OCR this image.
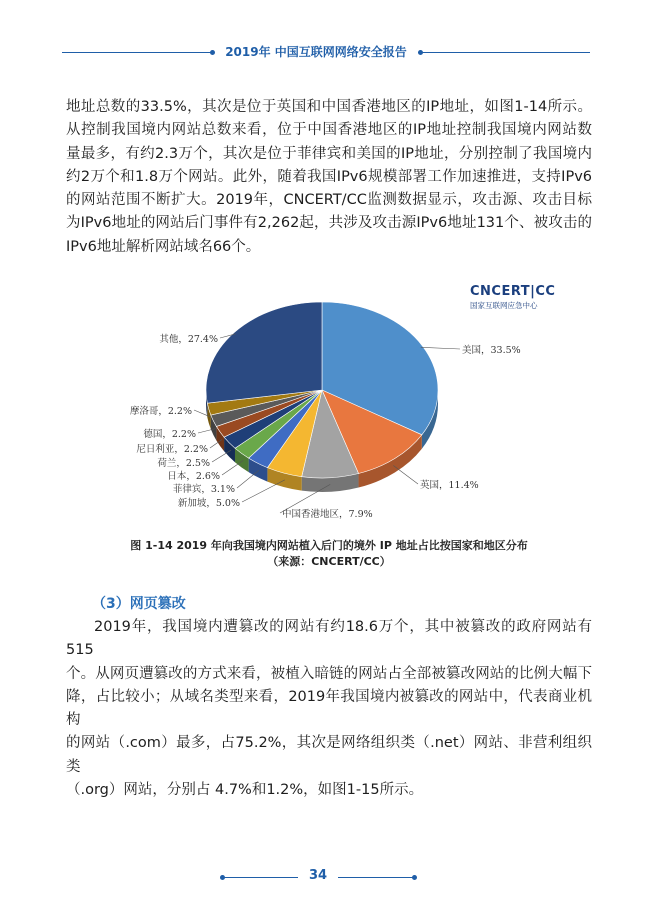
2019年 中国互联网网络安全报告

地址总数的33.5%，其次是位于英国和中国香港地区的IP地址，如图1-14所示。

从控制我国境内网站总数来看，位于中国香港地区的IP地址控制我国境内网站数

量最多，有约2.3万个，其次是位于菲律宾和美国的IP地址，分别控制了我国境内

约2万个和1.8万个网站。此外，随着我国IPv6规模部署工作加速推进，支持IPv6

的网站范围不断扩大。2019年，CNCERT/CC监测数据显示，攻击源、攻击目标

为IPv6地址的网站后门事件有2,262起，共涉及攻击源IPv6地址131个、被攻击的

IPv6地址解析网站域名66个。

CNCERT|CC
国家互联网应急中心
美国，33.5%
英国，11.4%
中国香港地区，7.9%
新加坡，5.0%
菲律宾，3.1%
日本，2.6%
荷兰，2.5%
尼日利亚，2.2%
德国，2.2%
摩洛哥，2.2%
其他，27.4%
图 1-14 2019 年向我国境内网站植入后门的境外 IP 地址占比按国家和地区分布
（来源：CNCERT/CC）
（3）网页篡改

2019年，我国境内遭篡改的网站有约18.6万个，其中被篡改的政府网站有515

个。从网页遭篡改的方式来看，被植入暗链的网站占全部被篡改网站的比例大幅下

降，占比较小；从域名类型来看，2019年我国境内被篡改的网站中，代表商业机构

的网站（.com）最多，占75.2%，其次是网络组织类（.net）网站、非营利组织类

（.org）网站，分别占 4.7%和1.2%，如图1-15所示。

34
